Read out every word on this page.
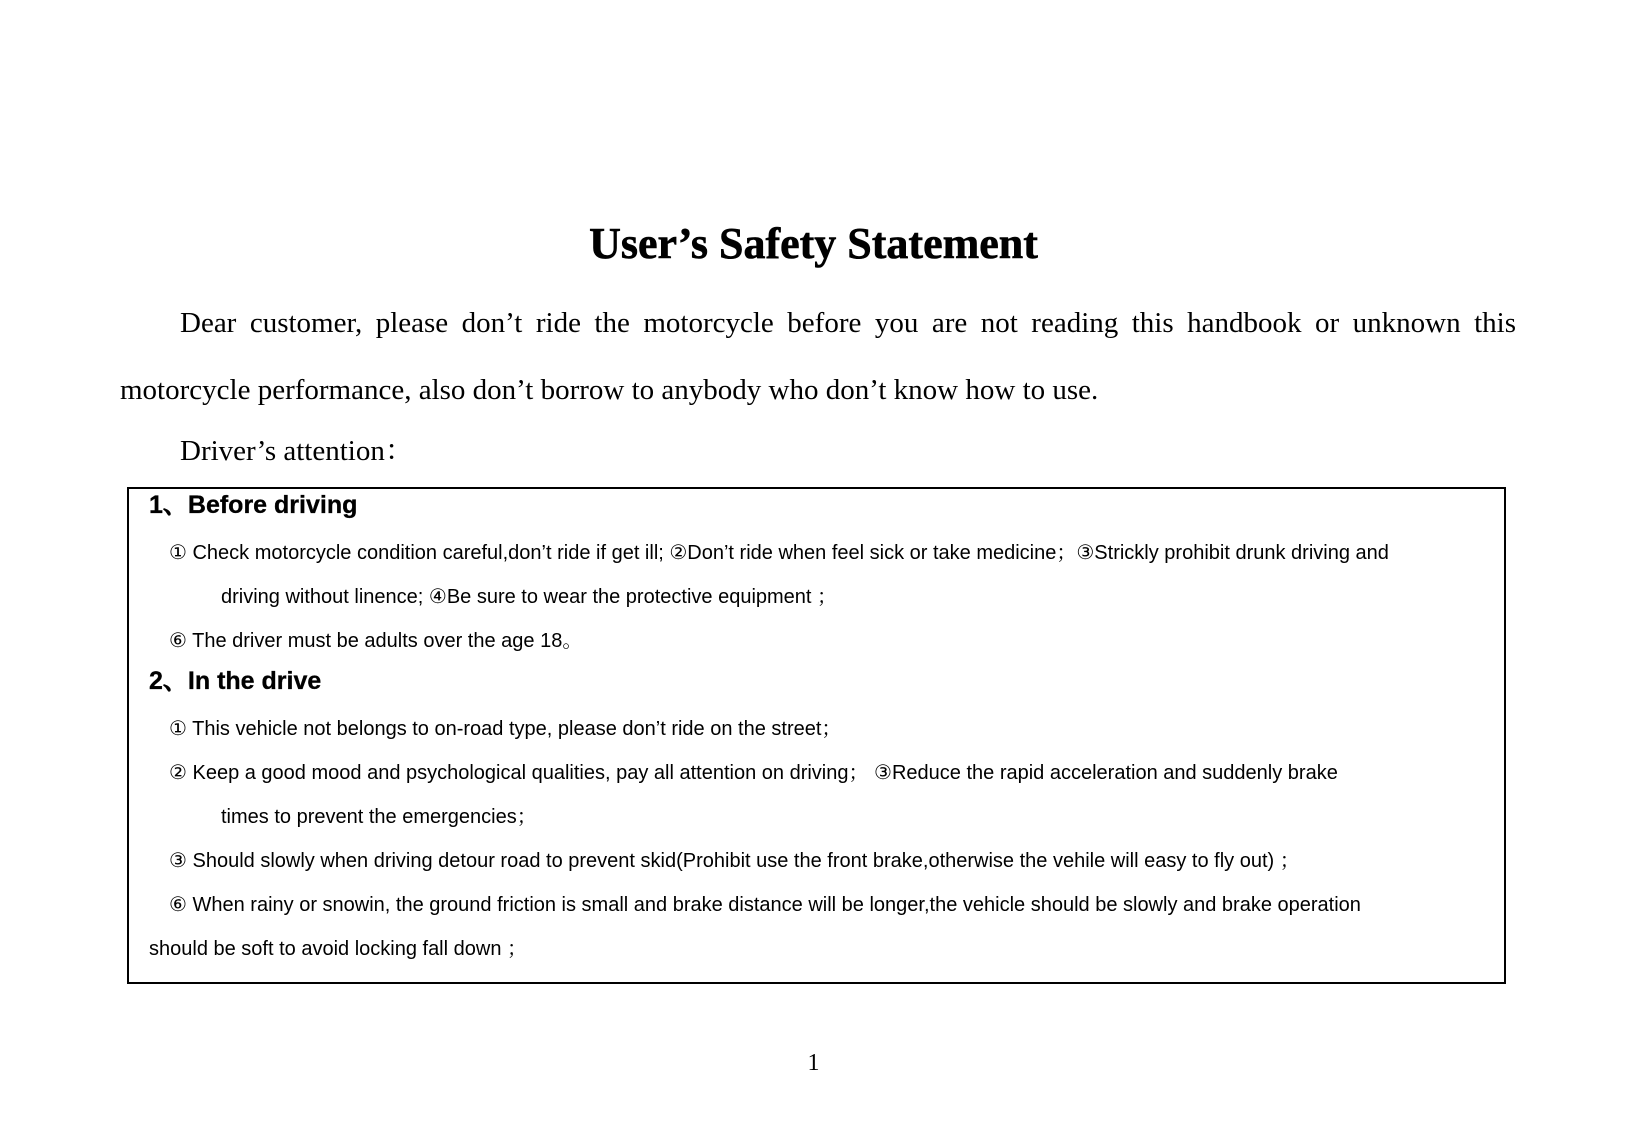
User’s Safety Statement

Dear customer, please don’t ride the motorcycle before you are not reading this handbook or unknown this motorcycle performance, also don’t borrow to anybody who don’t know how to use.

Driver’s attention：

1、Before driving
① Check motorcycle condition careful,don’t ride if get ill; ②Don’t ride when feel sick or take medicine；③Strickly prohibit drunk driving and
driving without linence; ④Be sure to wear the protective equipment ；
⑥ The driver must be adults over the age 18。
2、In the drive
① This vehicle not belongs to on-road type, please don’t ride on the street；
② Keep a good mood and psychological qualities, pay all attention on driving； ③Reduce the rapid acceleration and suddenly brake
times to prevent the emergencies；
③ Should slowly when driving detour road to prevent skid(Prohibit use the front brake,otherwise the vehile will easy to fly out) ；
⑥ When rainy or snowin, the ground friction is small and brake distance will be longer,the vehicle should be slowly and brake operation
should be soft to avoid locking fall down ；
1
